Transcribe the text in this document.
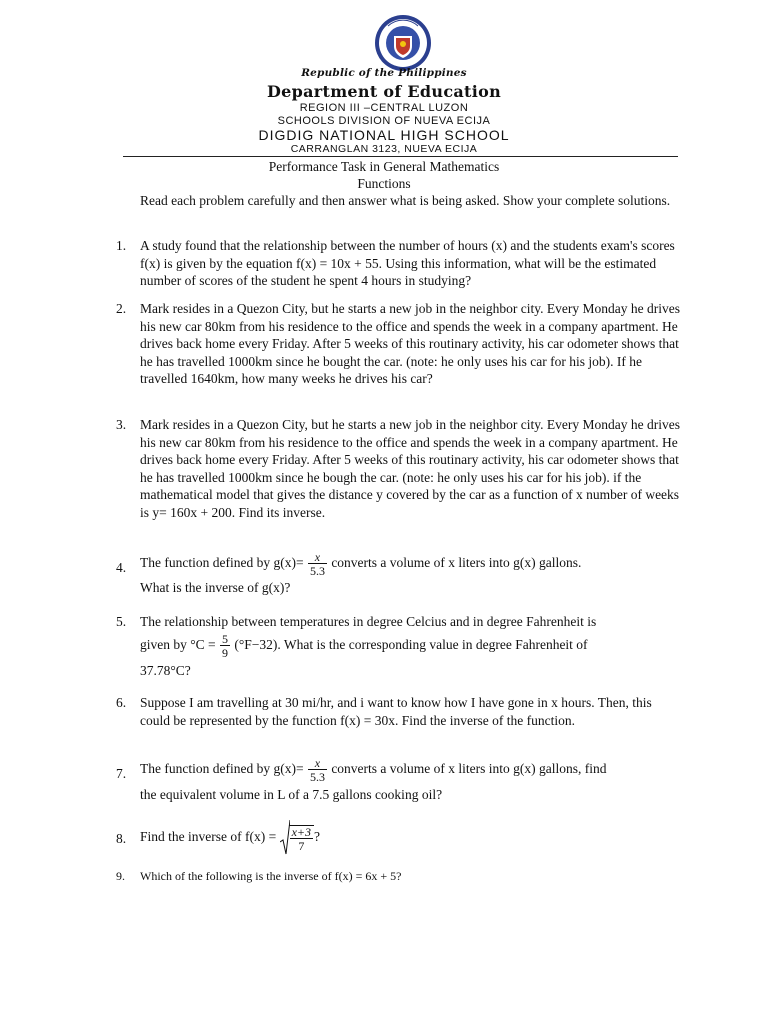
Republic of the Philippines
Department of Education
REGION III –CENTRAL LUZON
SCHOOLS DIVISION OF NUEVA ECIJA
DIGDIG NATIONAL HIGH SCHOOL
CARRANGLAN 3123, NUEVA ECIJA
Performance Task in General Mathematics
Functions
Read each problem carefully and then answer what is being asked. Show your complete solutions.
1. A study found that the relationship between the number of hours (x) and the students exam's scores f(x) is given by the equation f(x) = 10x + 55. Using this information, what will be the estimated number of scores of the student he spent 4 hours in studying?
2. Mark resides in a Quezon City, but he starts a new job in the neighbor city. Every Monday he drives his new car 80km from his residence to the office and spends the week in a company apartment. He drives back home every Friday. After 5 weeks of this routinary activity, his car odometer shows that he has travelled 1000km since he bought the car. (note: he only uses his car for his job). If he travelled 1640km, how many weeks he drives his car?
3. Mark resides in a Quezon City, but he starts a new job in the neighbor city. Every Monday he drives his new car 80km from his residence to the office and spends the week in a company apartment. He drives back home every Friday. After 5 weeks of this routinary activity, his car odometer shows that he has travelled 1000km since he bough the car. (note: he only uses his car for his job). if the mathematical model that gives the distance y covered by the car as a function of x number of weeks is y= 160x + 200. Find its inverse.
4. The function defined by $g(x)= \frac{x}{5.3}$ converts a volume of x liters into g(x) gallons.
What is the inverse of g(x)?
5. The relationship between temperatures in degree Celcius and in degree Fahrenheit is
given by $^\circ C = \frac{5}{9} (^\circ F-32)$. What is the corresponding value in degree Fahrenheit of
37.78°C?
6. Suppose I am travelling at 30 mi/hr, and i want to know how I have gone in x hours. Then, this could be represented by the function f(x) = 30x. Find the inverse of the function.
7. The function defined by $g(x)= \frac{x}{5.3}$ converts a volume of x liters into g(x) gallons, find
the equivalent volume in L of a 7.5 gallons cooking oil?
8. Find the inverse of $f(x) = \frac{x+3}{7}$ ?
9. Which of the following is the inverse of f(x) = 6x + 5?
